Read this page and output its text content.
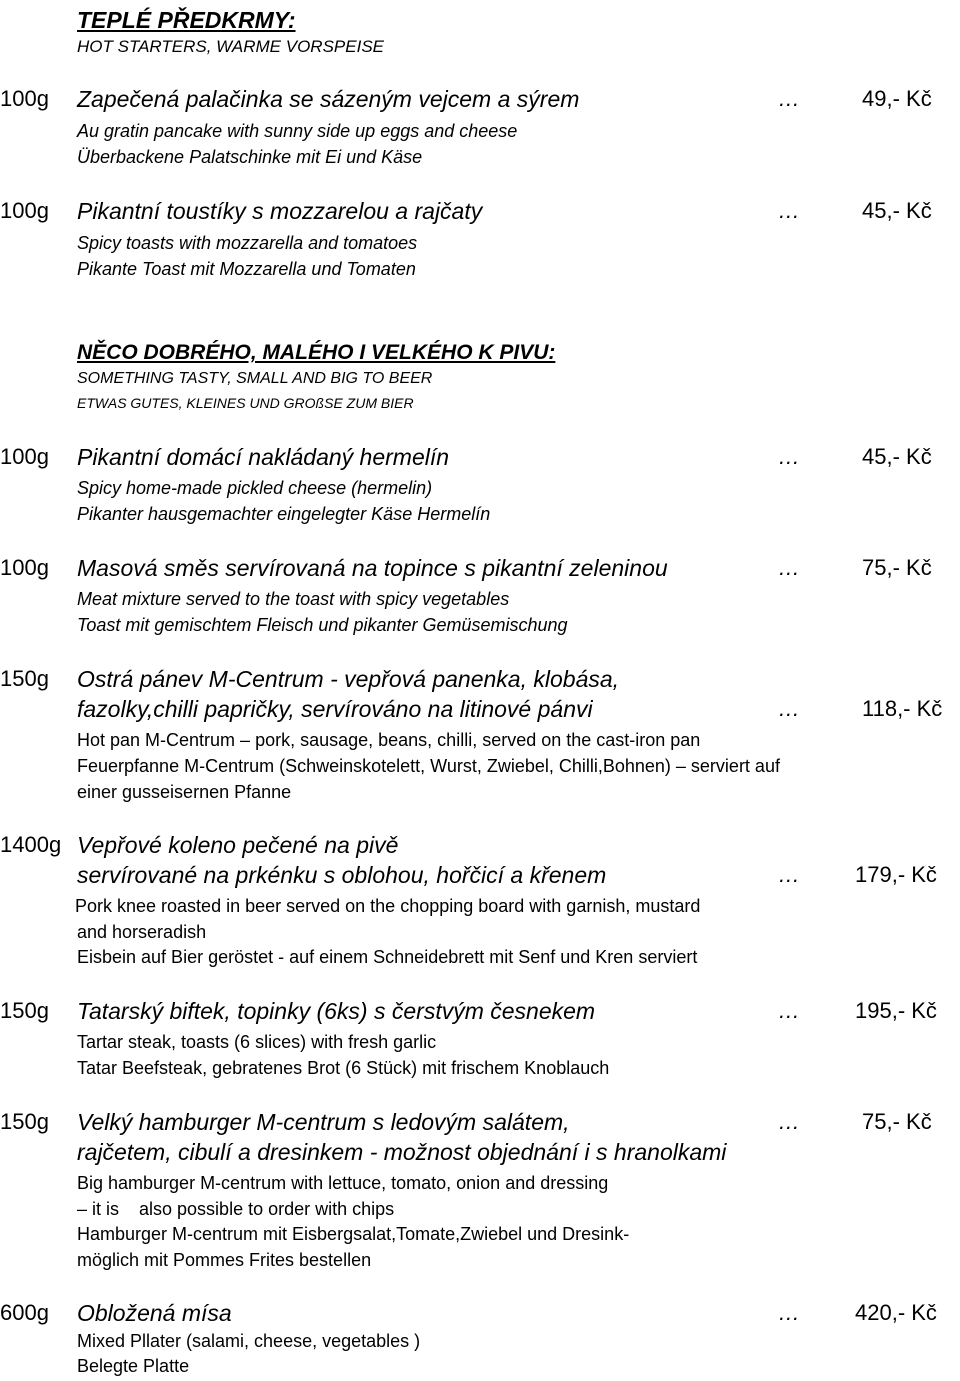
TEPLÉ PŘEDKRMY:
HOT STARTERS, WARME VORSPEISE
100g Zapečená palačinka se sázeným vejcem a sýrem	…	49,- Kč
Au gratin pancake with sunny side up eggs and cheese
Überbackene Palatschinke mit Ei und Käse
100g Pikantní toustíky s mozzarelou a rajčaty	…	45,- Kč
Spicy toasts with mozzarella and tomatoes
Pikante Toast mit Mozzarella und Tomaten
NĚCO DOBRÉHO, MALÉHO I VELKÉHO K PIVU:
SOMETHING TASTY, SMALL AND BIG TO BEER
ETWAS GUTES, KLEINES UND GROßSE ZUM BIER
100g Pikantní domácí nakládaný hermelín	…	45,- Kč
Spicy home-made pickled cheese (hermelin)
Pikanter hausgemachter eingelegter Käse Hermelín
100g Masová směs servírovaná na topince s pikantní zeleninou	…	75,- Kč
Meat mixture served to the toast with spicy vegetables
Toast mit gemischtem Fleisch und pikanter Gemüsemischung
150g Ostrá pánev M-Centrum - vepřová panenka, klobása,
fazolky,chilli papričky, servírováno na litinové pánvi	…	118,- Kč
Hot pan M-Centrum – pork, sausage, beans, chilli, served on the cast-iron pan
Feuerpfanne M-Centrum (Schweinskotelett, Wurst, Zwiebel, Chilli,Bohnen) – serviert auf
einer gusseisernen Pfanne
1400g Vepřové koleno pečené na pivě
servírované na prkénku s oblohou, hořčicí a křenem	…	179,- Kč
Pork knee roasted in beer served on the chopping board with garnish, mustard
and horseradish
Eisbein auf Bier geröstet - auf einem Schneidebrett mit Senf und Kren serviert
150g Tatarský biftek, topinky (6ks) s čerstvým česnekem	…	195,- Kč
Tartar steak, toasts (6 slices) with fresh garlic
Tatar Beefsteak, gebratenes Brot (6 Stück) mit frischem Knoblauch
150g Velký hamburger M-centrum s ledovým salátem,	…	75,- Kč
rajčetem, cibulí a dresinkem - možnost objednání i s hranolkami
Big hamburger M-centrum with lettuce, tomato, onion and dressing
– it is    also possible to order with chips
Hamburger M-centrum mit Eisbergsalat,Tomate,Zwiebel und Dresink-
möglich mit Pommes Frites bestellen
600g Obložená mísa	…	420,- Kč
Mixed Pllater (salami, cheese, vegetables )
Belegte Platte
